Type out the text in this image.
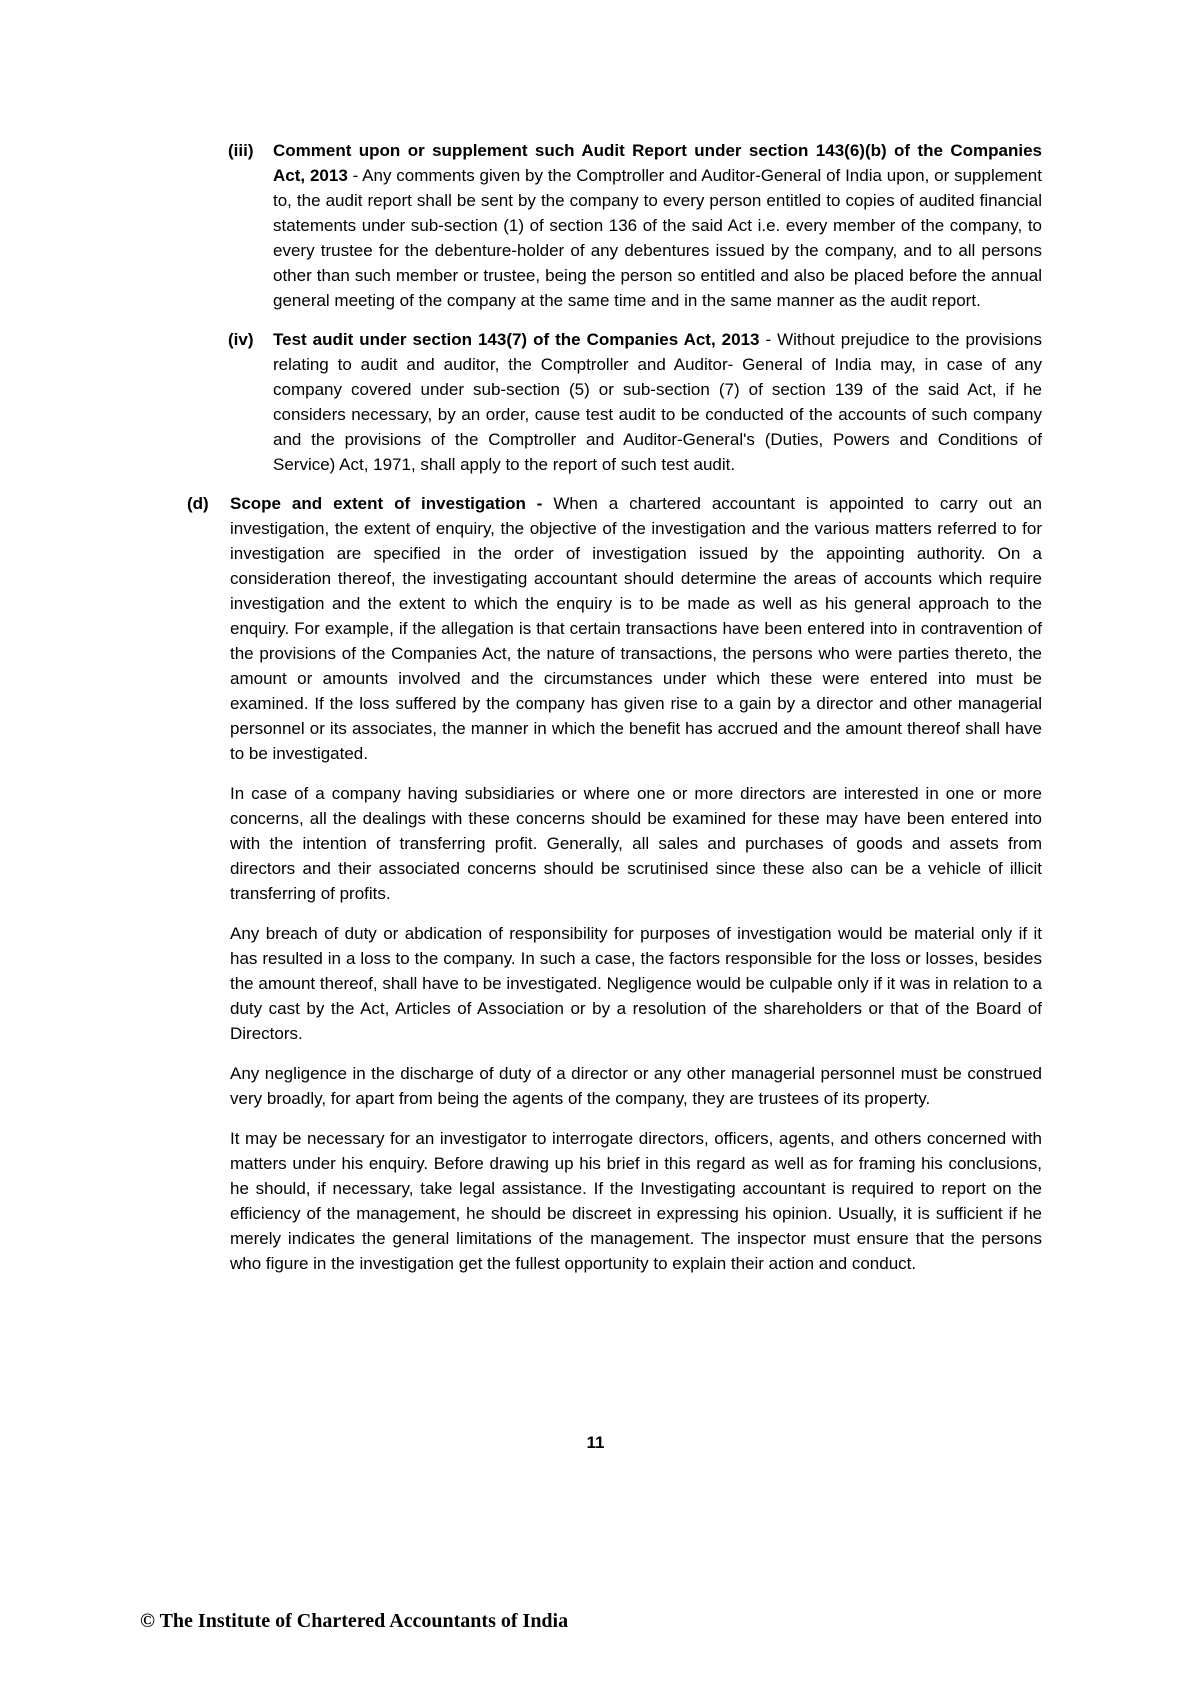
(iii)	Comment upon or supplement such Audit Report under section 143(6)(b) of the Companies Act, 2013 - Any comments given by the Comptroller and Auditor-General of India upon, or supplement to, the audit report shall be sent by the company to every person entitled to copies of audited financial statements under sub-section (1) of section 136 of the said Act i.e. every member of the company, to every trustee for the debenture-holder of any debentures issued by the company, and to all persons other than such member or trustee, being the person so entitled and also be placed before the annual general meeting of the company at the same time and in the same manner as the audit report.

(iv)	Test audit under section 143(7) of the Companies Act, 2013 - Without prejudice to the provisions relating to audit and auditor, the Comptroller and Auditor- General of India may, in case of any company covered under sub-section (5) or sub-section (7) of section 139 of the said Act, if he considers necessary, by an order, cause test audit to be conducted of the accounts of such company and the provisions of the Comptroller and Auditor-General's (Duties, Powers and Conditions of Service) Act, 1971, shall apply to the report of such test audit.

(d)	Scope and extent of investigation - When a chartered accountant is appointed to carry out an investigation, the extent of enquiry, the objective of the investigation and the various matters referred to for investigation are specified in the order of investigation issued by the appointing authority. On a consideration thereof, the investigating accountant should determine the areas of accounts which require investigation and the extent to which the enquiry is to be made as well as his general approach to the enquiry. For example, if the allegation is that certain transactions have been entered into in contravention of the provisions of the Companies Act, the nature of transactions, the persons who were parties thereto, the amount or amounts involved and the circumstances under which these were entered into must be examined. If the loss suffered by the company has given rise to a gain by a director and other managerial personnel or its associates, the manner in which the benefit has accrued and the amount thereof shall have to be investigated.

In case of a company having subsidiaries or where one or more directors are interested in one or more concerns, all the dealings with these concerns should be examined for these may have been entered into with the intention of transferring profit. Generally, all sales and purchases of goods and assets from directors and their associated concerns should be scrutinised since these also can be a vehicle of illicit transferring of profits.

Any breach of duty or abdication of responsibility for purposes of investigation would be material only if it has resulted in a loss to the company. In such a case, the factors responsible for the loss or losses, besides the amount thereof, shall have to be investigated. Negligence would be culpable only if it was in relation to a duty cast by the Act, Articles of Association or by a resolution of the shareholders or that of the Board of Directors.

Any negligence in the discharge of duty of a director or any other managerial personnel must be construed very broadly, for apart from being the agents of the company, they are trustees of its property.

It may be necessary for an investigator to interrogate directors, officers, agents, and others concerned with matters under his enquiry. Before drawing up his brief in this regard as well as for framing his conclusions, he should, if necessary, take legal assistance. If the Investigating accountant is required to report on the efficiency of the management, he should be discreet in expressing his opinion. Usually, it is sufficient if he merely indicates the general limitations of the management. The inspector must ensure that the persons who figure in the investigation get the fullest opportunity to explain their action and conduct.

11
© The Institute of Chartered Accountants of India
